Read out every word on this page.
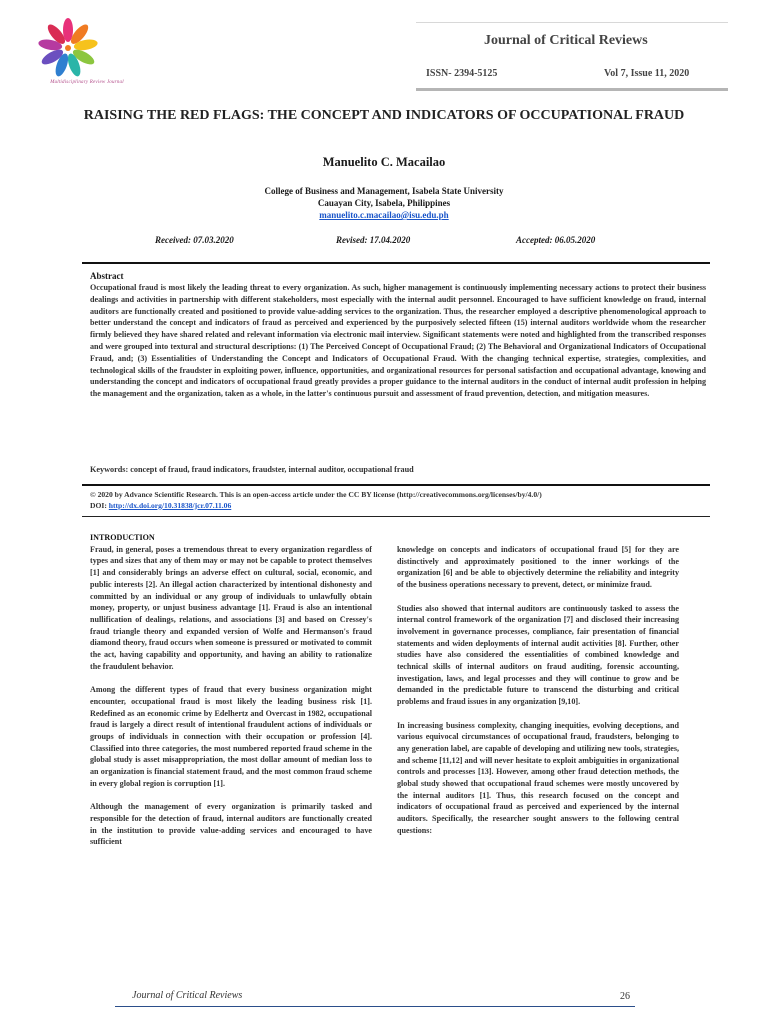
Multidisciplinary Review Journal
Journal of Critical Reviews
ISSN- 2394-5125	Vol 7, Issue 11, 2020
RAISING THE RED FLAGS: THE CONCEPT AND INDICATORS OF OCCUPATIONAL FRAUD
Manuelito C. Macailao
College of Business and Management, Isabela State University
Cauayan City, Isabela, Philippines
manuelito.c.macailao@isu.edu.ph
Received: 07.03.2020	Revised: 17.04.2020	Accepted: 06.05.2020
Abstract
Occupational fraud is most likely the leading threat to every organization. As such, higher management is continuously implementing necessary actions to protect their business dealings and activities in partnership with different stakeholders, most especially with the internal audit personnel. Encouraged to have sufficient knowledge on fraud, internal auditors are functionally created and positioned to provide value-adding services to the organization. Thus, the researcher employed a descriptive phenomenological approach to better understand the concept and indicators of fraud as perceived and experienced by the purposively selected fifteen (15) internal auditors worldwide whom the researcher firmly believed they have shared related and relevant information via electronic mail interview. Significant statements were noted and highlighted from the transcribed responses and were grouped into textural and structural descriptions: (1) The Perceived Concept of Occupational Fraud; (2) The Behavioral and Organizational Indicators of Occupational Fraud, and; (3) Essentialities of Understanding the Concept and Indicators of Occupational Fraud. With the changing technical expertise, strategies, complexities, and technological skills of the fraudster in exploiting power, influence, opportunities, and organizational resources for personal satisfaction and occupational advantage, knowing and understanding the concept and indicators of occupational fraud greatly provides a proper guidance to the internal auditors in the conduct of internal audit profession in helping the management and the organization, taken as a whole, in the latter's continuous pursuit and assessment of fraud prevention, detection, and mitigation measures.
Keywords: concept of fraud, fraud indicators, fraudster, internal auditor, occupational fraud
© 2020 by Advance Scientific Research. This is an open-access article under the CC BY license (http://creativecommons.org/licenses/by/4.0/)
DOI: http://dx.doi.org/10.31838/jcr.07.11.06
INTRODUCTION

Fraud, in general, poses a tremendous threat to every organization regardless of types and sizes that any of them may or may not be capable to protect themselves [1] and considerably brings an adverse effect on cultural, social, economic, and public interests [2]. An illegal action characterized by intentional dishonesty and committed by an individual or any group of individuals to unlawfully obtain money, property, or unjust business advantage [1]. Fraud is also an intentional nullification of dealings, relations, and associations [3] and based on Cressey's fraud triangle theory and expanded version of Wolfe and Hermanson's fraud diamond theory, fraud occurs when someone is pressured or motivated to commit the act, having capability and opportunity, and having an ability to rationalize the fraudulent behavior.

Among the different types of fraud that every business organization might encounter, occupational fraud is most likely the leading business risk [1]. Redefined as an economic crime by Edelhertz and Overcast in 1982, occupational fraud is largely a direct result of intentional fraudulent actions of individuals or groups of individuals in connection with their occupation or profession [4]. Classified into three categories, the most numbered reported fraud scheme in the global study is asset misappropriation, the most dollar amount of median loss to an organization is financial statement fraud, and the most common fraud scheme in every global region is corruption [1].

Although the management of every organization is primarily tasked and responsible for the detection of fraud, internal auditors are functionally created in the institution to provide value-adding services and encouraged to have sufficient

knowledge on concepts and indicators of occupational fraud [5] for they are distinctively and approximately positioned to the inner workings of the organization [6] and be able to objectively determine the reliability and integrity of the business operations necessary to prevent, detect, or minimize fraud.

Studies also showed that internal auditors are continuously tasked to assess the internal control framework of the organization [7] and disclosed their increasing involvement in governance processes, compliance, fair presentation of financial statements and widen deployments of internal audit activities [8]. Further, other studies have also considered the essentialities of combined knowledge and technical skills of internal auditors on fraud auditing, forensic accounting, investigation, laws, and legal processes and they will continue to grow and be demanded in the predictable future to transcend the disturbing and critical problems and fraud issues in any organization [9,10].

In increasing business complexity, changing inequities, evolving deceptions, and various equivocal circumstances of occupational fraud, fraudsters, belonging to any generation label, are capable of developing and utilizing new tools, strategies, and scheme [11,12] and will never hesitate to exploit ambiguities in organizational controls and processes [13]. However, among other fraud detection methods, the global study showed that occupational fraud schemes were mostly uncovered by the internal auditors [1]. Thus, this research focused on the concept and indicators of occupational fraud as perceived and experienced by the internal auditors. Specifically, the researcher sought answers to the following central questions:

Journal of Critical Reviews	26
